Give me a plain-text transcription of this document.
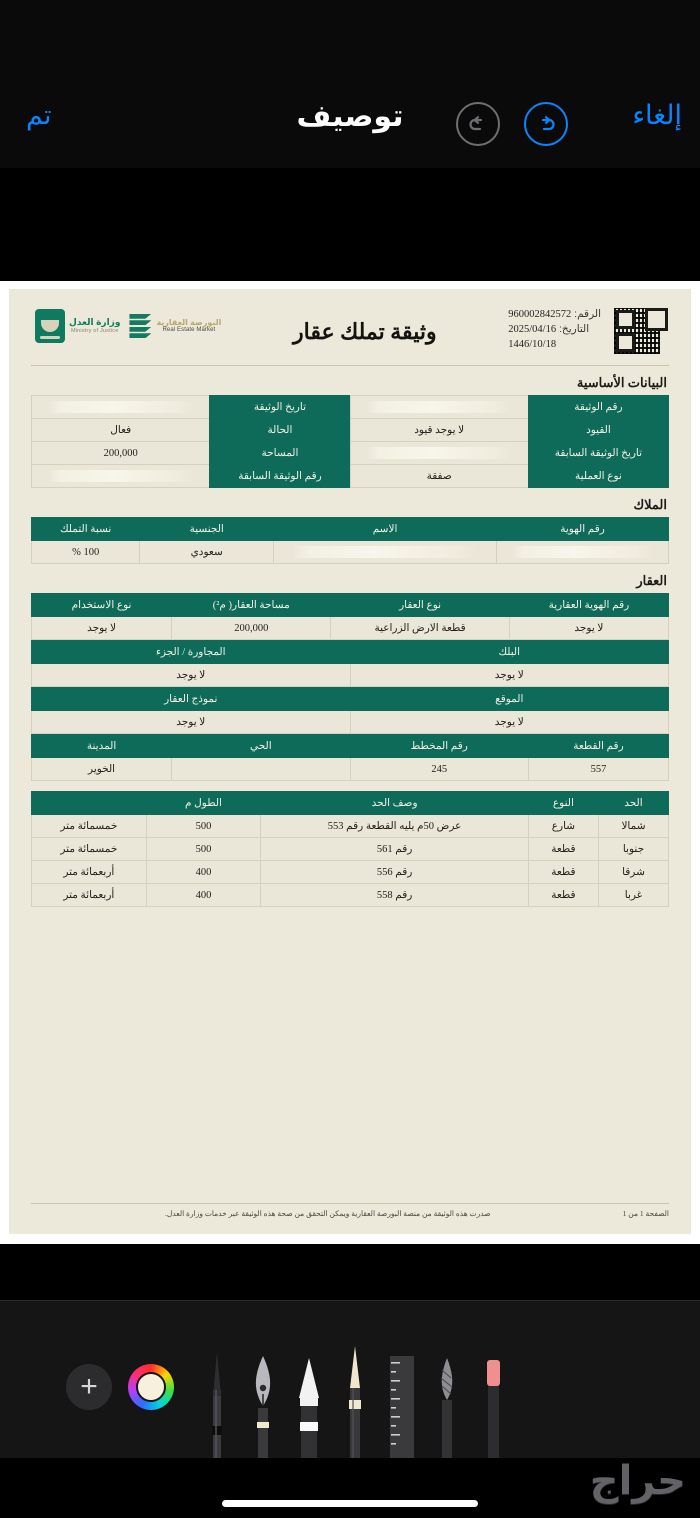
إلغاء
توصيف
تم
الرقم: 960002842572
التاريخ: 2025/04/16
1446/10/18
وثيقة تملك عقار
البورصة العقارية
Real Estate Market
وزارة العدل
Ministry of Justice
البيانات الأساسية
رقم الوثيقة		تاريخ الوثيقة	
القيود	لا يوجد قيود	الحالة	فعال
تاريخ الوثيقة السابقة		المساحة	200,000
نوع العملية	صفقة	رقم الوثيقة السابقة	
الملاك
رقم الهوية	الاسم	الجنسية	نسبة التملك
		سعودي	100 %
العقار
رقم الهوية العقارية	نوع العقار	مساحة العقار( م²)	نوع الاستخدام
لا يوجد	قطعة الارض الزراعية	200,000	لا يوجد
البلك	المجاورة / الجزء
لا يوجد	لا يوجد
الموقع	نموذج العقار
لا يوجد	لا يوجد
رقم القطعة	رقم المخطط	الحي	المدينة
557	245		الخوير
الحد	النوع	وصف الحد	الطول م	
شمالا	شارع	عرض 50م يليه القطعة رقم 553	500	خمسمائة متر
جنوبا	قطعة	رقم 561	500	خمسمائة متر
شرقا	قطعة	رقم 556	400	أربعمائة متر
غربا	قطعة	رقم 558	400	أربعمائة متر
الصفحة 1 من 1
صدرت هذه الوثيقة من منصة البورصة العقارية ويمكن التحقق من صحة هذه الوثيقة عبر خدمات وزارة العدل.
+
حراج
